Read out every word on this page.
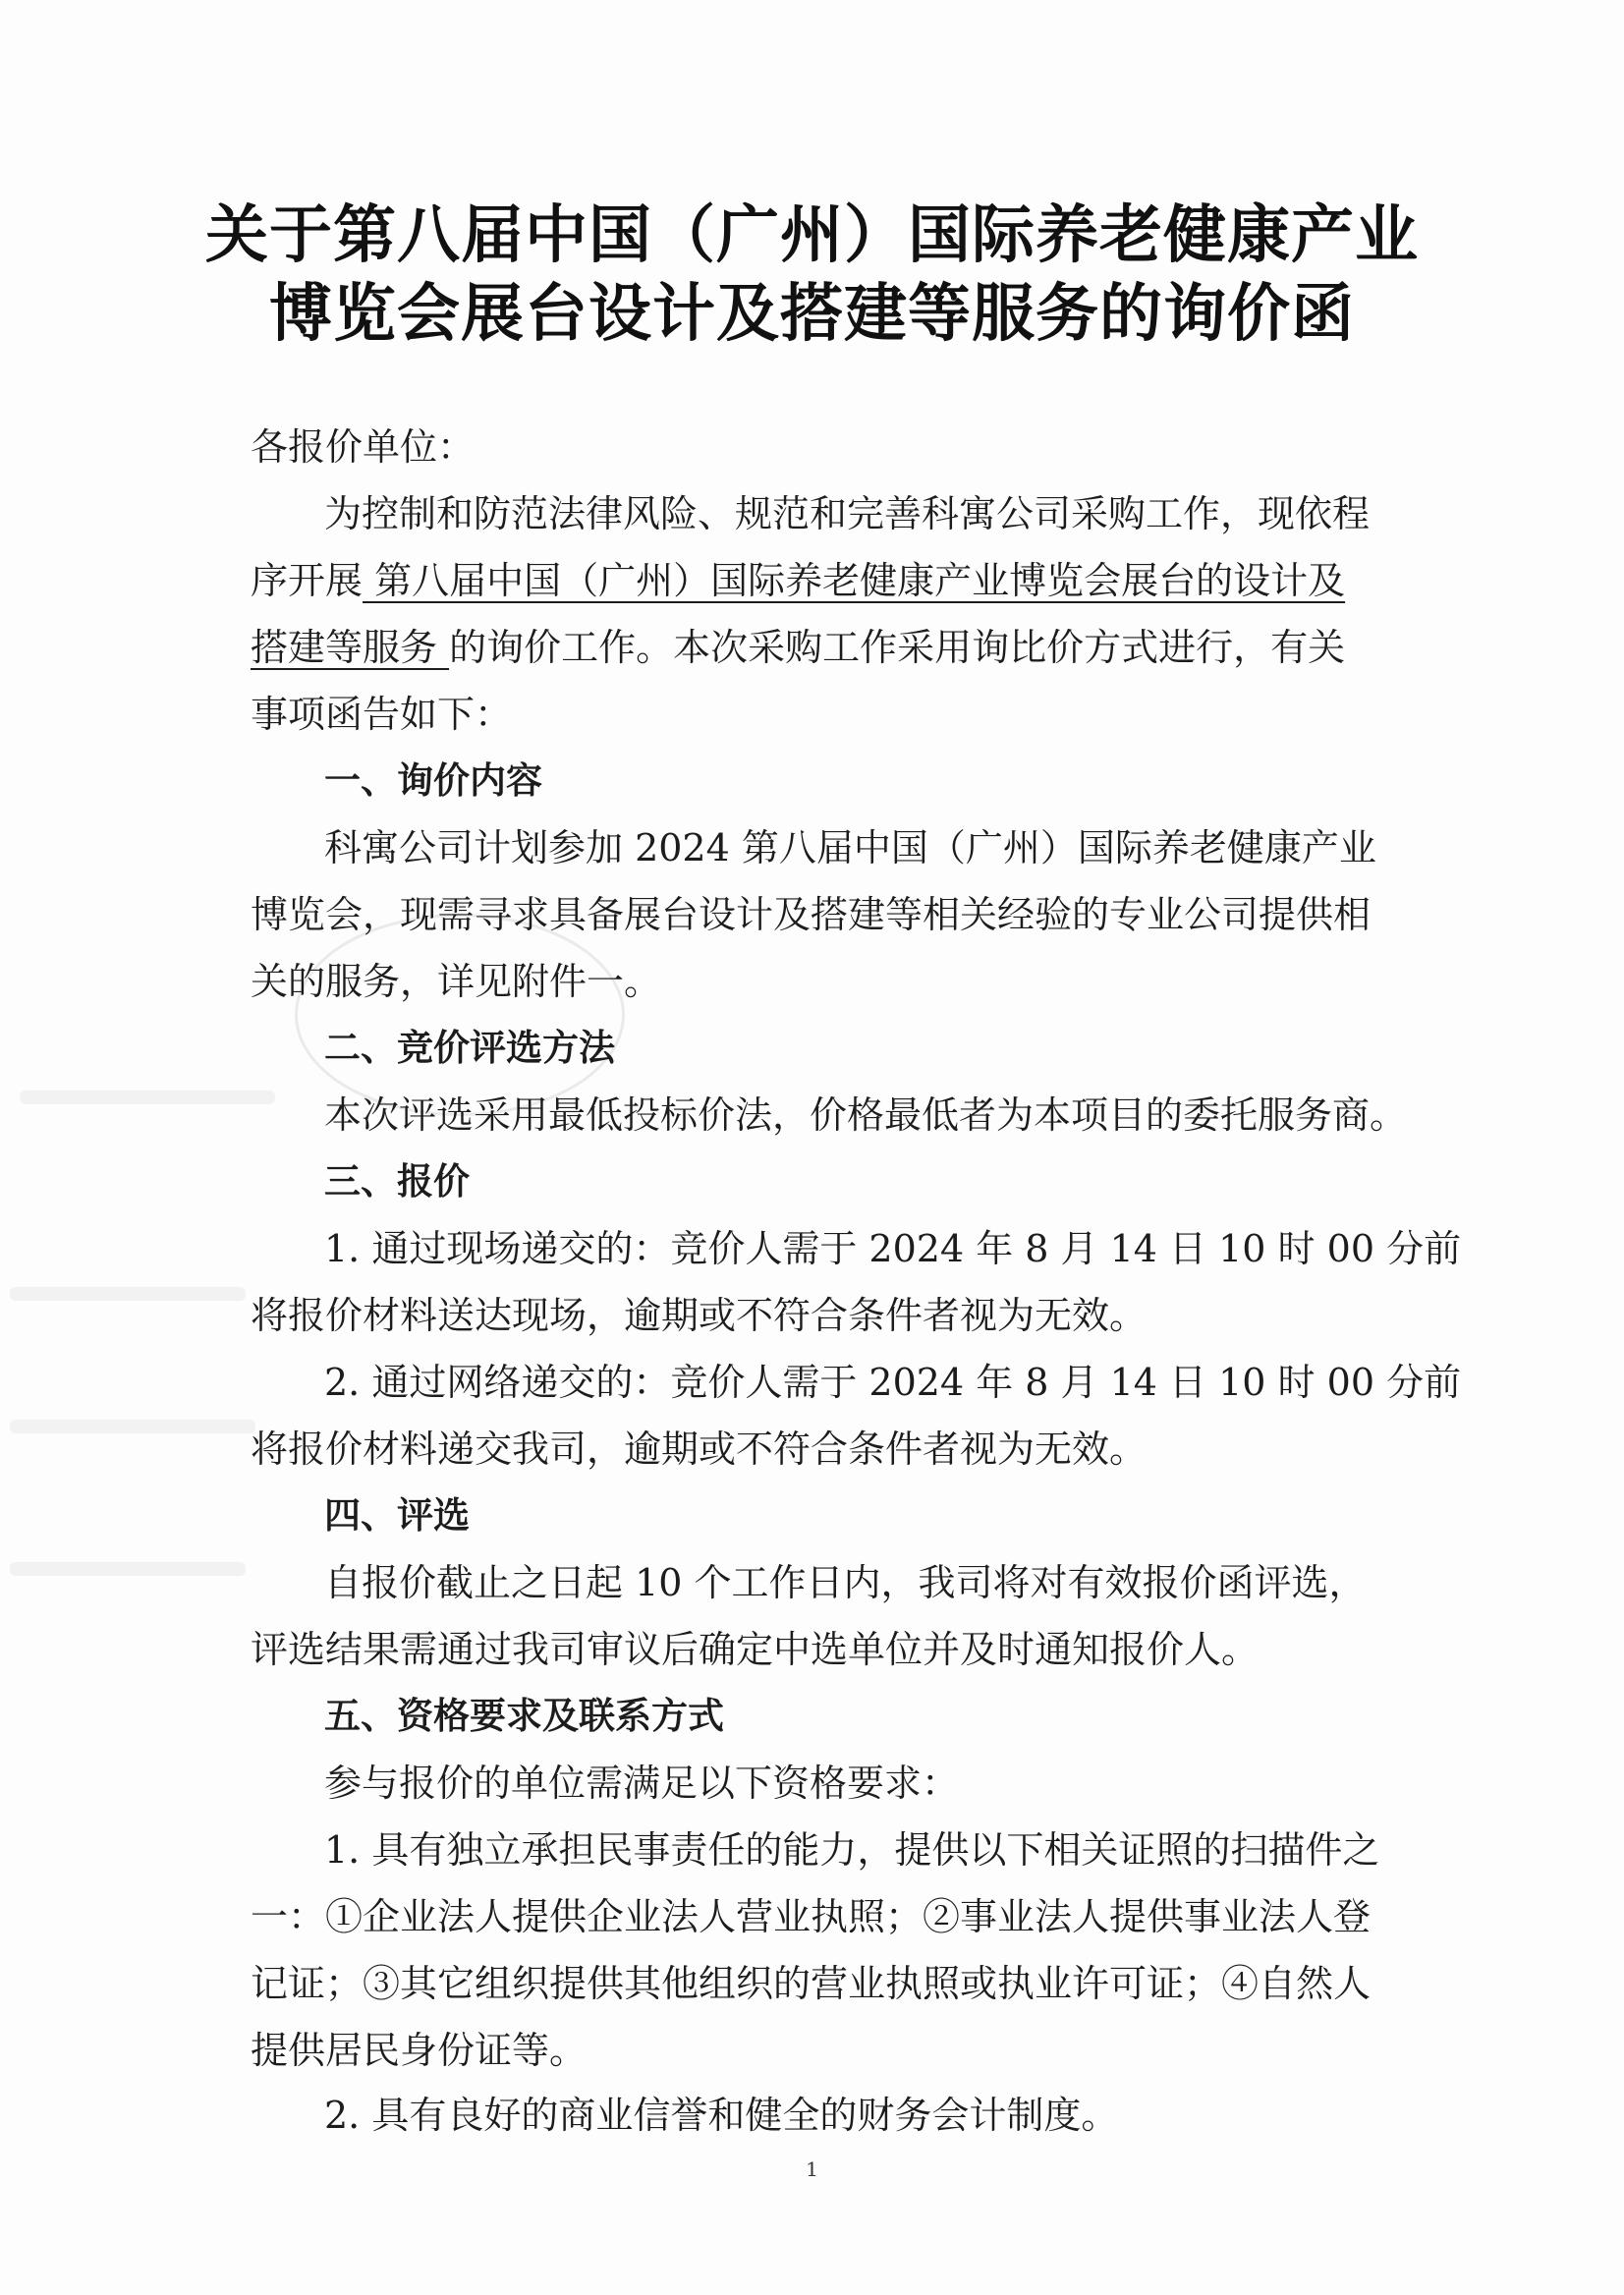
关于第八届中国（广州）国际养老健康产业
博览会展台设计及搭建等服务的询价函
各报价单位：
为控制和防范法律风险、规范和完善科寓公司采购工作，现依程
序开展 第八届中国（广州）国际养老健康产业博览会展台的设计及
搭建等服务 的询价工作。本次采购工作采用询比价方式进行，有关
事项函告如下：
一、询价内容
科寓公司计划参加 2024 第八届中国（广州）国际养老健康产业
博览会，现需寻求具备展台设计及搭建等相关经验的专业公司提供相
关的服务，详见附件一。
二、竞价评选方法
本次评选采用最低投标价法，价格最低者为本项目的委托服务商。
三、报价
1. 通过现场递交的：竞价人需于 2024 年 8 月 14 日 10 时 00 分前
将报价材料送达现场，逾期或不符合条件者视为无效。
2. 通过网络递交的：竞价人需于 2024 年 8 月 14 日 10 时 00 分前
将报价材料递交我司，逾期或不符合条件者视为无效。
四、评选
自报价截止之日起 10 个工作日内，我司将对有效报价函评选，
评选结果需通过我司审议后确定中选单位并及时通知报价人。
五、资格要求及联系方式
参与报价的单位需满足以下资格要求：
1. 具有独立承担民事责任的能力，提供以下相关证照的扫描件之
一：①企业法人提供企业法人营业执照；②事业法人提供事业法人登
记证；③其它组织提供其他组织的营业执照或执业许可证；④自然人
提供居民身份证等。
2. 具有良好的商业信誉和健全的财务会计制度。
1
